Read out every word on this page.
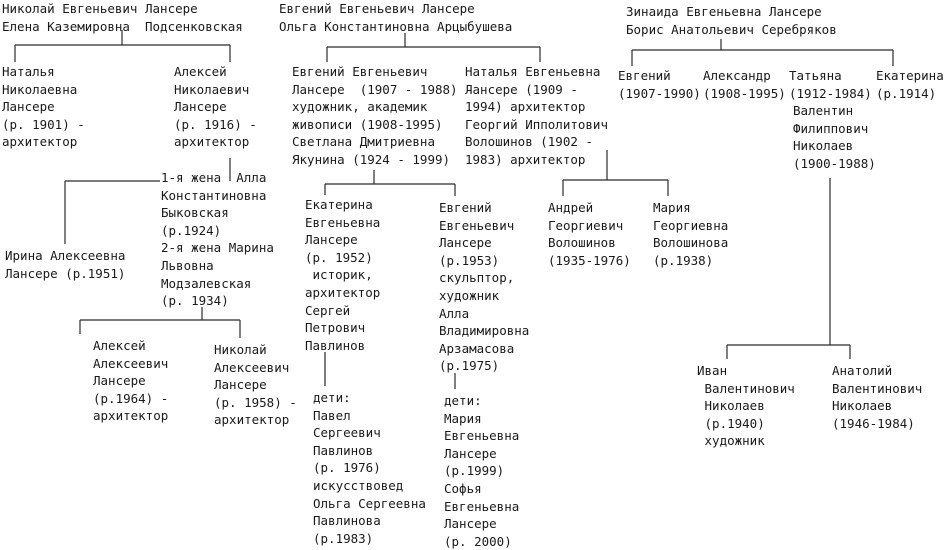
Николай Евгеньевич Лансере
Елена Каземировна  Подсенковская
Наталья
Николаевна
Лансере
(р. 1901) -
архитектор
Алексей
Николаевич
Лансере
(р. 1916) -
архитектор
1-я жена  Алла
Константиновна
Быковская
(р.1924)
2-я жена Марина
Львовна
Модзалевская
(р. 1934)
Ирина Алексеевна
Лансере (р.1951)
Алексей
Алексеевич
Лансере
(р.1964) -
архитектор
Николай
Алексеевич
Лансере
(р. 1958) -
архитектор
Евгений Евгеньевич Лансере
Ольга Константиновна Арцыбушева
Евгений Евгеньевич
Лансере  (1907 - 1988) -
художник, академик
живописи (1908-1995)
Светлана Дмитриевна
Якунина (1924 - 1999)
Наталья Евгеньевна
Лансере (1909 -
1994) архитектор
Георгий Ипполитович
Волошинов (1902 -
1983) архитектор
Екатерина
Евгеньевна
Лансере
(р. 1952)
историк,
архитектор
Сергей
Петрович
Павлинов
Евгений
Евгеньевич
Лансере
(р.1953)
скульптор,
художник
Алла
Владимировна
Арзамасова
(р.1975)
дети:
Павел
Сергеевич
Павлинов
(р. 1976)
искусствовед
Ольга Сергеевна
Павлинова
(р.1983)
дети:
Мария
Евгеньевна
Лансере
(р.1999)
Софья
Евгеньевна
Лансере
(р. 2000)
Андрей
Георгиевич
Волошинов
(1935-1976)
Мария
Георгиевна
Волошинова
(р.1938)
Зинаида Евгеньевна Лансере
Борис Анатольевич Серебряков
Евгений
(1907-1990)
Александр
(1908-1995)
Татьяна
(1912-1984)
Екатерина
(р.1914)
Валентин
Филиппович
Николаев
(1900-1988)
Иван
Валентинович
Николаев
(р.1940)
художник
Анатолий
Валентинович
Николаев
(1946-1984)
